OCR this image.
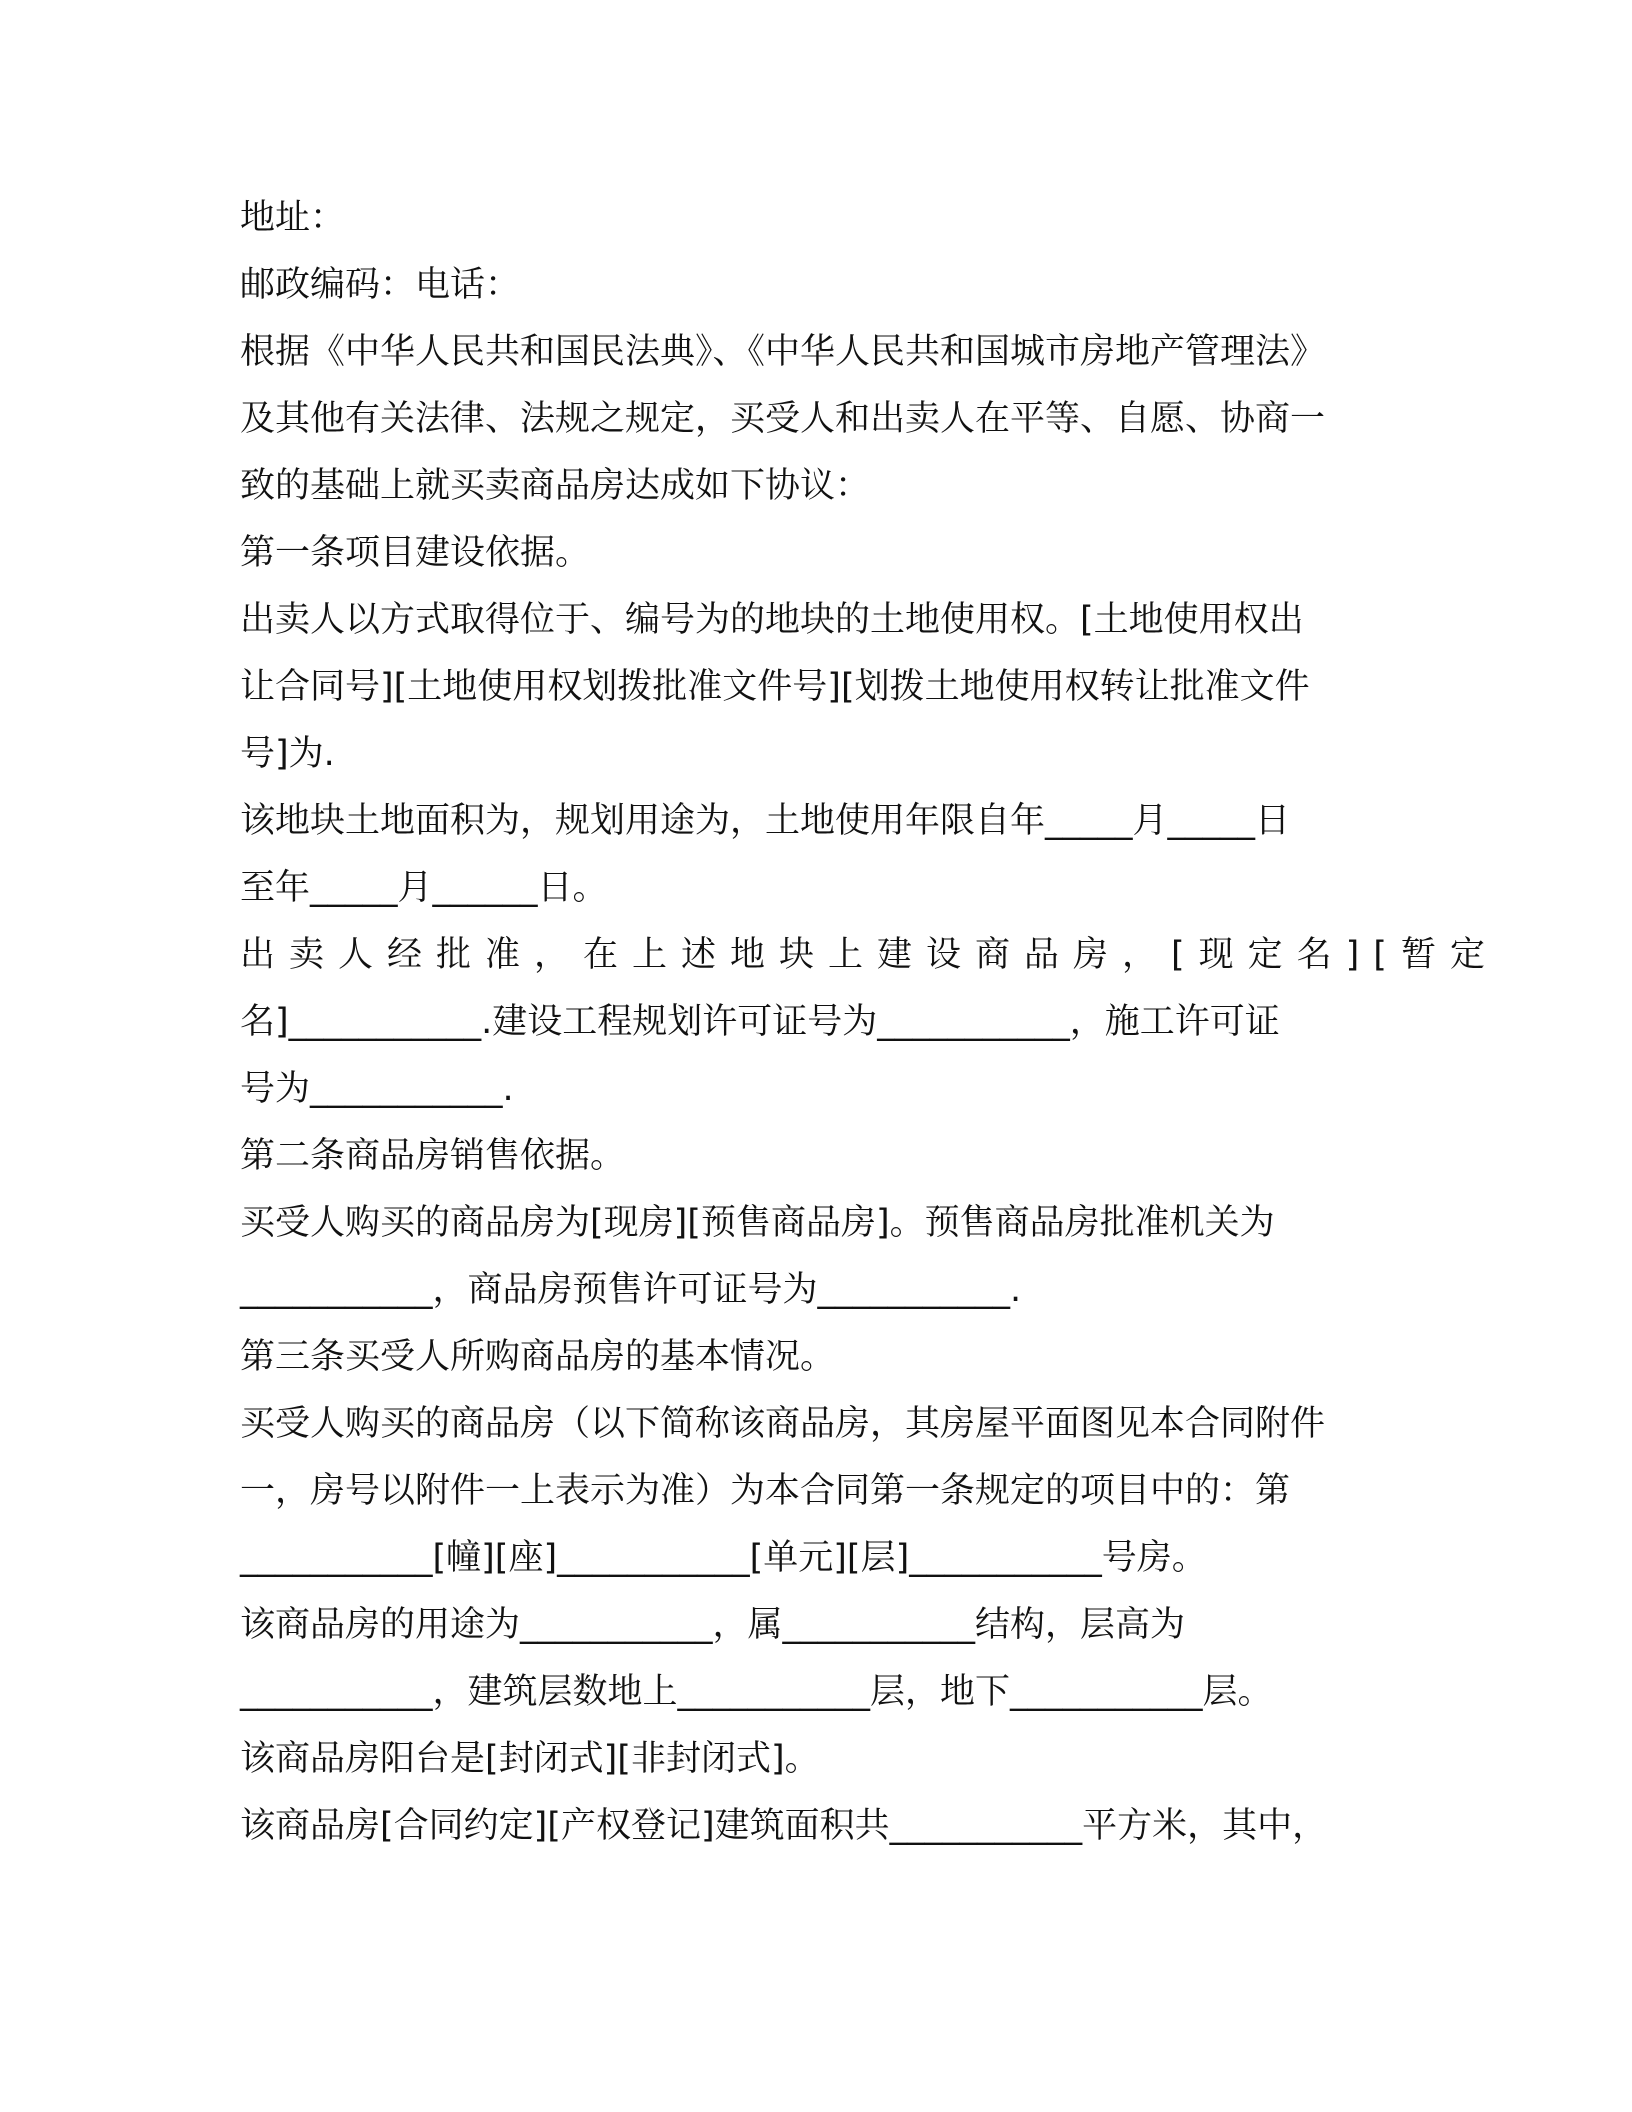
地址：
邮政编码：电话：
根据《中华人民共和国民法典》、《中华人民共和国城市房地产管理法》
及其他有关法律、法规之规定，买受人和出卖人在平等、自愿、协商一
致的基础上就买卖商品房达成如下协议：
第一条项目建设依据。
出卖人以方式取得位于、编号为的地块的土地使用权。[土地使用权出
让合同号][土地使用权划拨批准文件号][划拨土地使用权转让批准文件
号]为.
该地块土地面积为，规划用途为，土地使用年限自年_____月_____日
至年_____月______日。
出卖人经批准，在上述地块上建设商品房，[现定名][暂定
名]___________.建设工程规划许可证号为___________，施工许可证
号为___________.
第二条商品房销售依据。
买受人购买的商品房为[现房][预售商品房]。预售商品房批准机关为
___________，商品房预售许可证号为___________.
第三条买受人所购商品房的基本情况。
买受人购买的商品房（以下简称该商品房，其房屋平面图见本合同附件
一，房号以附件一上表示为准）为本合同第一条规定的项目中的：第
___________[幢][座]___________[单元][层]___________号房。
该商品房的用途为___________，属___________结构，层高为
___________，建筑层数地上___________层，地下___________层。
该商品房阳台是[封闭式][非封闭式]。
该商品房[合同约定][产权登记]建筑面积共___________平方米，其中，
